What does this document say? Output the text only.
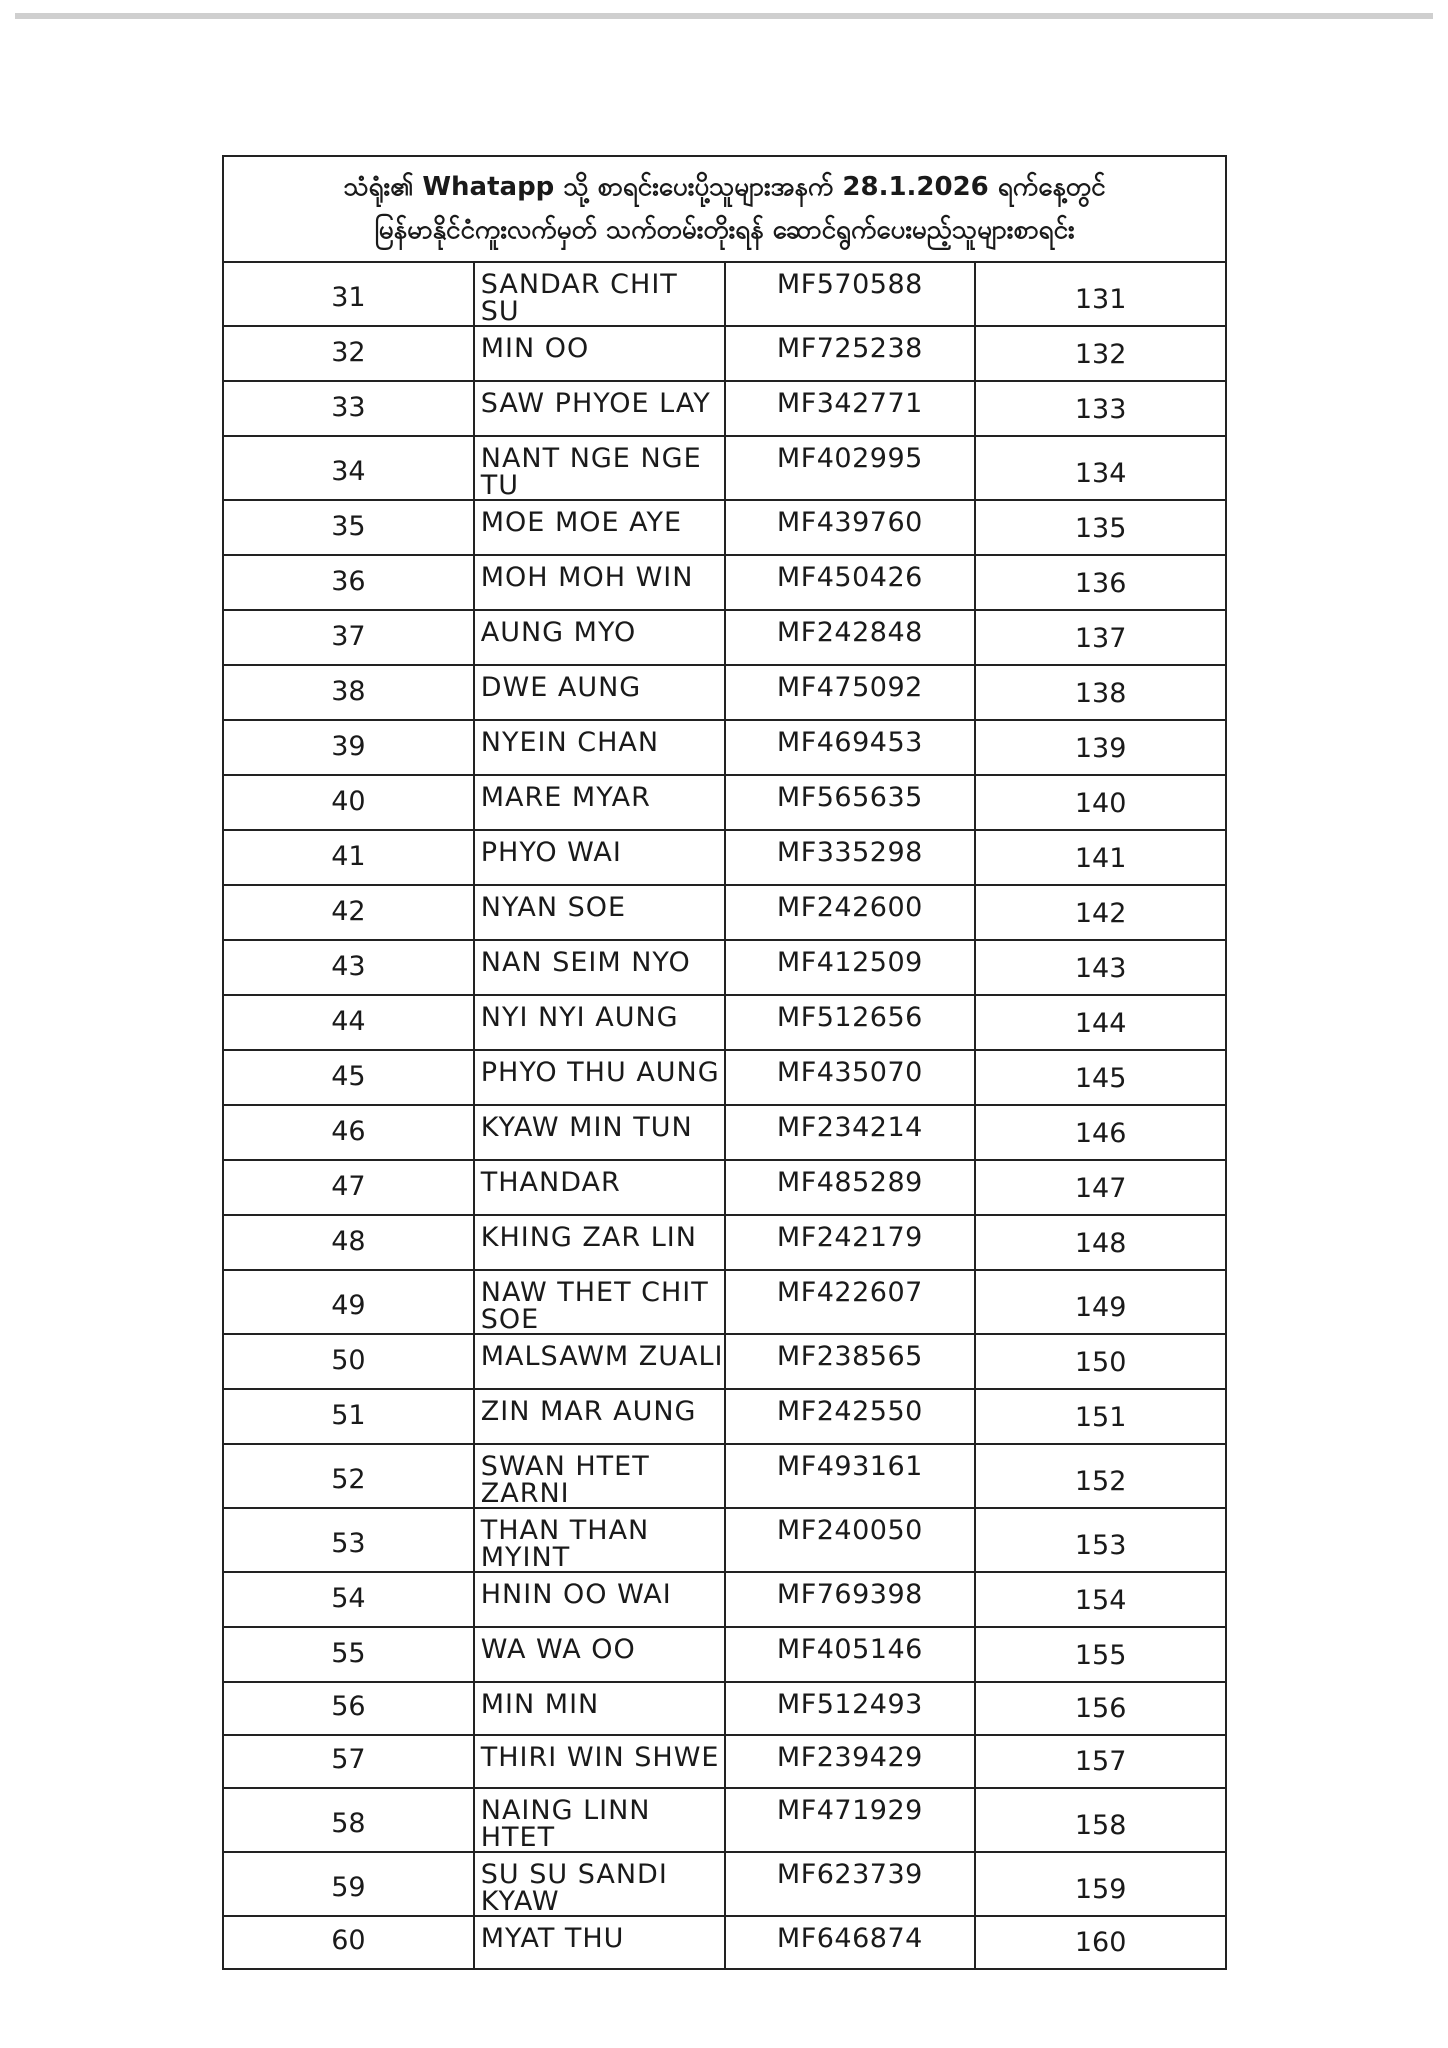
သံရုံး၏ Whatapp သို့ စာရင်းပေးပို့သူများအနက် 28.1.2026 ရက်နေ့တွင်
မြန်မာနိုင်ငံကူးလက်မှတ် သက်တမ်းတိုးရန် ဆောင်ရွက်ပေးမည့်သူများစာရင်း			

31	SANDAR CHIT SU	MF570588	131
32	MIN OO	MF725238	132
33	SAW PHYOE LAY	MF342771	133
34	NANT NGE NGE TU	MF402995	134
35	MOE MOE AYE	MF439760	135
36	MOH MOH WIN	MF450426	136
37	AUNG MYO	MF242848	137
38	DWE AUNG	MF475092	138
39	NYEIN CHAN	MF469453	139
40	MARE MYAR	MF565635	140
41	PHYO WAI	MF335298	141
42	NYAN SOE	MF242600	142
43	NAN SEIM NYO	MF412509	143
44	NYI NYI AUNG	MF512656	144
45	PHYO THU AUNG	MF435070	145
46	KYAW MIN TUN	MF234214	146
47	THANDAR	MF485289	147
48	KHING ZAR LIN	MF242179	148
49	NAW THET CHIT SOE	MF422607	149
50	MALSAWM ZUALI	MF238565	150
51	ZIN MAR AUNG	MF242550	151
52	SWAN HTET ZARNI	MF493161	152
53	THAN THAN MYINT	MF240050	153
54	HNIN OO WAI	MF769398	154
55	WA WA OO	MF405146	155
56	MIN MIN	MF512493	156
57	THIRI WIN SHWE	MF239429	157
58	NAING LINN HTET	MF471929	158
59	SU SU SANDI KYAW	MF623739	159
60	MYAT THU	MF646874	160
